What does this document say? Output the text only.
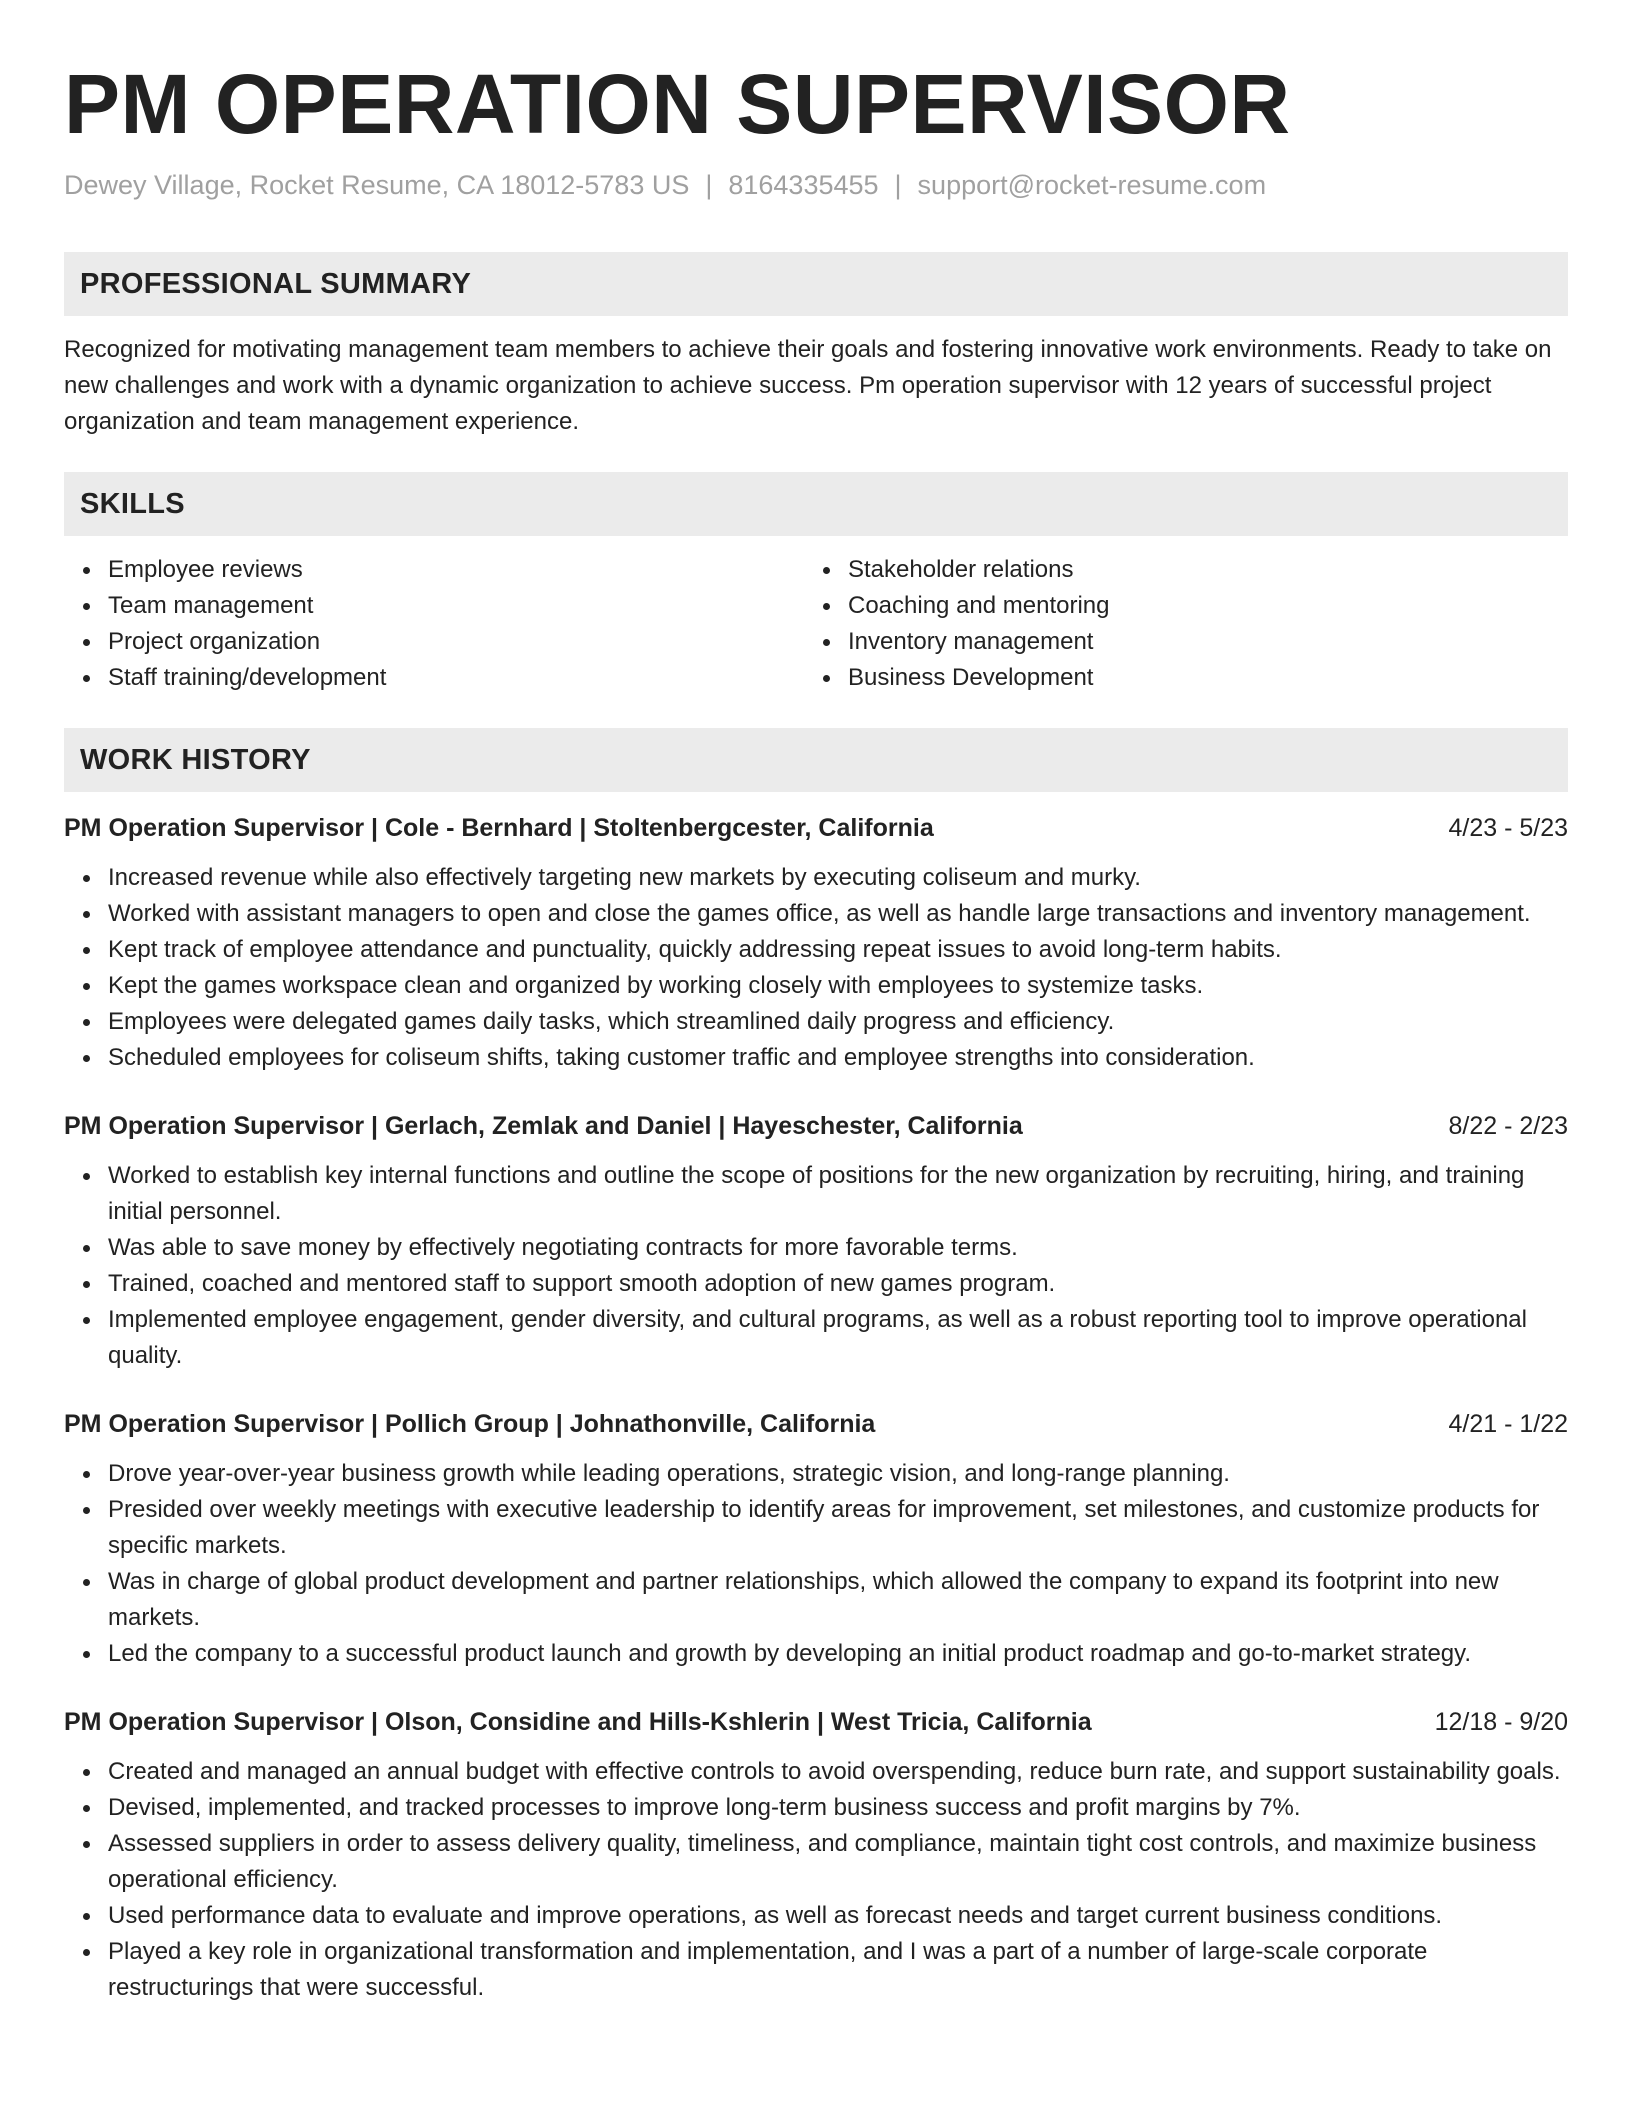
PM OPERATION SUPERVISOR
Dewey Village, Rocket Resume, CA 18012-5783 US | 8164335455 | support@rocket-resume.com
PROFESSIONAL SUMMARY
Recognized for motivating management team members to achieve their goals and fostering innovative work environments. Ready to take on new challenges and work with a dynamic organization to achieve success. Pm operation supervisor with 12 years of successful project organization and team management experience.
SKILLS
Employee reviews
Team management
Project organization
Staff training/development
Stakeholder relations
Coaching and mentoring
Inventory management
Business Development
WORK HISTORY
PM Operation Supervisor | Cole - Bernhard | Stoltenbergcester, California	4/23 - 5/23
Increased revenue while also effectively targeting new markets by executing coliseum and murky.
Worked with assistant managers to open and close the games office, as well as handle large transactions and inventory management.
Kept track of employee attendance and punctuality, quickly addressing repeat issues to avoid long-term habits.
Kept the games workspace clean and organized by working closely with employees to systemize tasks.
Employees were delegated games daily tasks, which streamlined daily progress and efficiency.
Scheduled employees for coliseum shifts, taking customer traffic and employee strengths into consideration.
PM Operation Supervisor | Gerlach, Zemlak and Daniel | Hayeschester, California	8/22 - 2/23
Worked to establish key internal functions and outline the scope of positions for the new organization by recruiting, hiring, and training initial personnel.
Was able to save money by effectively negotiating contracts for more favorable terms.
Trained, coached and mentored staff to support smooth adoption of new games program.
Implemented employee engagement, gender diversity, and cultural programs, as well as a robust reporting tool to improve operational quality.
PM Operation Supervisor | Pollich Group | Johnathonville, California	4/21 - 1/22
Drove year-over-year business growth while leading operations, strategic vision, and long-range planning.
Presided over weekly meetings with executive leadership to identify areas for improvement, set milestones, and customize products for specific markets.
Was in charge of global product development and partner relationships, which allowed the company to expand its footprint into new markets.
Led the company to a successful product launch and growth by developing an initial product roadmap and go-to-market strategy.
PM Operation Supervisor | Olson, Considine and Hills-Kshlerin | West Tricia, California	12/18 - 9/20
Created and managed an annual budget with effective controls to avoid overspending, reduce burn rate, and support sustainability goals.
Devised, implemented, and tracked processes to improve long-term business success and profit margins by 7%.
Assessed suppliers in order to assess delivery quality, timeliness, and compliance, maintain tight cost controls, and maximize business operational efficiency.
Used performance data to evaluate and improve operations, as well as forecast needs and target current business conditions.
Played a key role in organizational transformation and implementation, and I was a part of a number of large-scale corporate restructurings that were successful.
